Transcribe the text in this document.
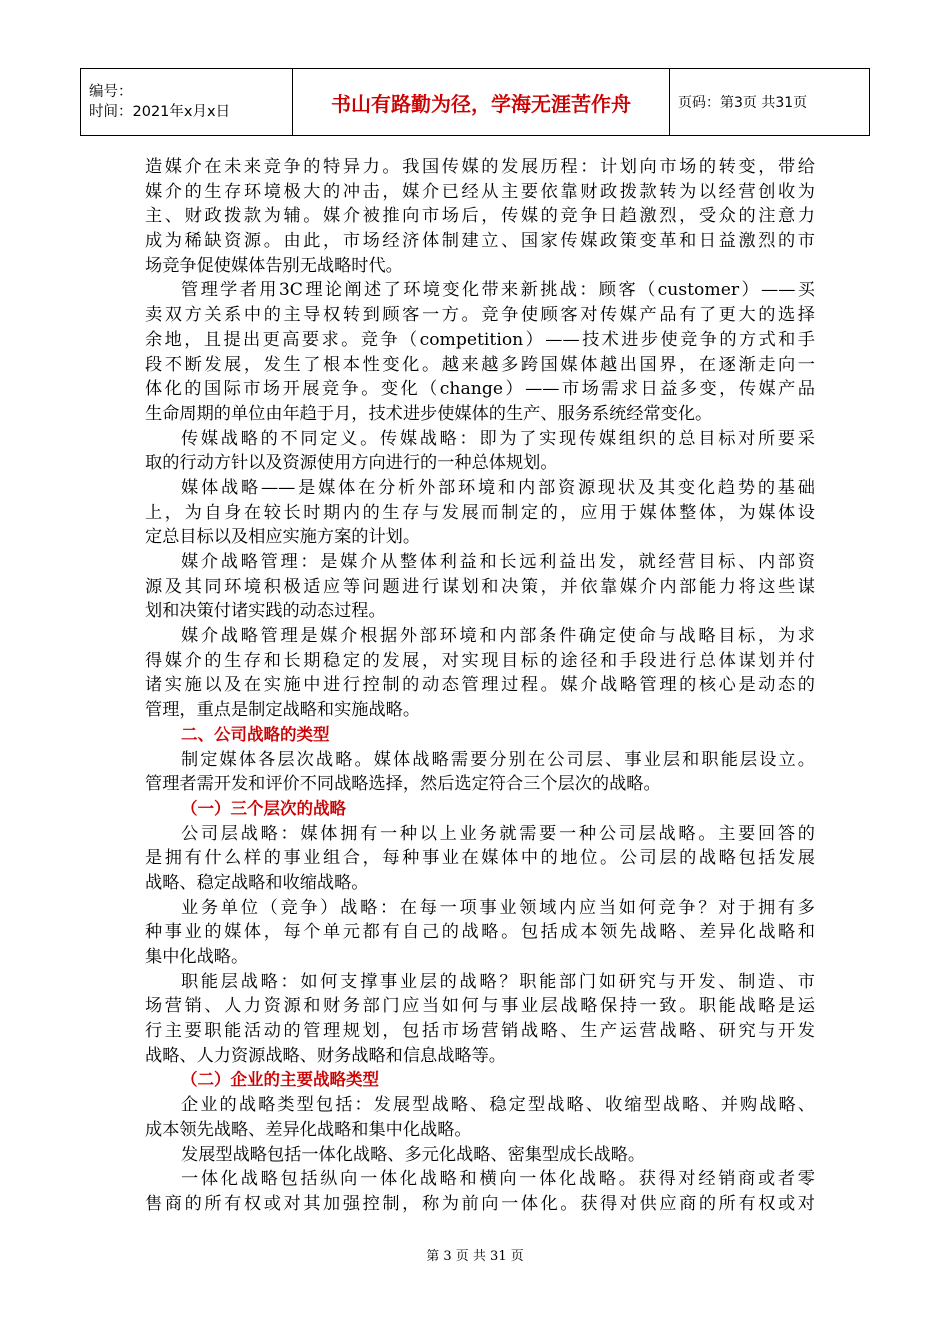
编号：
时间：2021年x月x日	书山有路勤为径，学海无涯苦作舟	页码：第3页 共31页
造媒介在未来竞争的特异力。我国传媒的发展历程：计划向市场的转变，带给
媒介的生存环境极大的冲击，媒介已经从主要依靠财政拨款转为以经营创收为
主、财政拨款为辅。媒介被推向市场后，传媒的竞争日趋激烈，受众的注意力
成为稀缺资源。由此，市场经济体制建立、国家传媒政策变革和日益激烈的市
场竞争促使媒体告别无战略时代。
管理学者用3C理论阐述了环境变化带来新挑战：顾客（customer）——买
卖双方关系中的主导权转到顾客一方。竞争使顾客对传媒产品有了更大的选择
余地，且提出更高要求。竞争（competition）——技术进步使竞争的方式和手
段不断发展，发生了根本性变化。越来越多跨国媒体越出国界，在逐渐走向一
体化的国际市场开展竞争。变化（change）——市场需求日益多变，传媒产品
生命周期的单位由年趋于月，技术进步使媒体的生产、服务系统经常变化。
传媒战略的不同定义。传媒战略：即为了实现传媒组织的总目标对所要采
取的行动方针以及资源使用方向进行的一种总体规划。
媒体战略——是媒体在分析外部环境和内部资源现状及其变化趋势的基础
上，为自身在较长时期内的生存与发展而制定的，应用于媒体整体，为媒体设
定总目标以及相应实施方案的计划。
媒介战略管理：是媒介从整体利益和长远利益出发，就经营目标、内部资
源及其同环境积极适应等问题进行谋划和决策，并依靠媒介内部能力将这些谋
划和决策付诸实践的动态过程。
媒介战略管理是媒介根据外部环境和内部条件确定使命与战略目标，为求
得媒介的生存和长期稳定的发展，对实现目标的途径和手段进行总体谋划并付
诸实施以及在实施中进行控制的动态管理过程。媒介战略管理的核心是动态的
管理，重点是制定战略和实施战略。
二、公司战略的类型
制定媒体各层次战略。媒体战略需要分别在公司层、事业层和职能层设立。
管理者需开发和评价不同战略选择，然后选定符合三个层次的战略。
（一）三个层次的战略
公司层战略：媒体拥有一种以上业务就需要一种公司层战略。主要回答的
是拥有什么样的事业组合，每种事业在媒体中的地位。公司层的战略包括发展
战略、稳定战略和收缩战略。
业务单位（竞争）战略：在每一项事业领域内应当如何竞争？对于拥有多
种事业的媒体，每个单元都有自己的战略。包括成本领先战略、差异化战略和
集中化战略。
职能层战略：如何支撑事业层的战略？职能部门如研究与开发、制造、市
场营销、人力资源和财务部门应当如何与事业层战略保持一致。职能战略是运
行主要职能活动的管理规划，包括市场营销战略、生产运营战略、研究与开发
战略、人力资源战略、财务战略和信息战略等。
（二）企业的主要战略类型
企业的战略类型包括：发展型战略、稳定型战略、收缩型战略、并购战略、
成本领先战略、差异化战略和集中化战略。
发展型战略包括一体化战略、多元化战略、密集型成长战略。
一体化战略包括纵向一体化战略和横向一体化战略。获得对经销商或者零
售商的所有权或对其加强控制，称为前向一体化。获得对供应商的所有权或对
第 3 页 共 31 页
